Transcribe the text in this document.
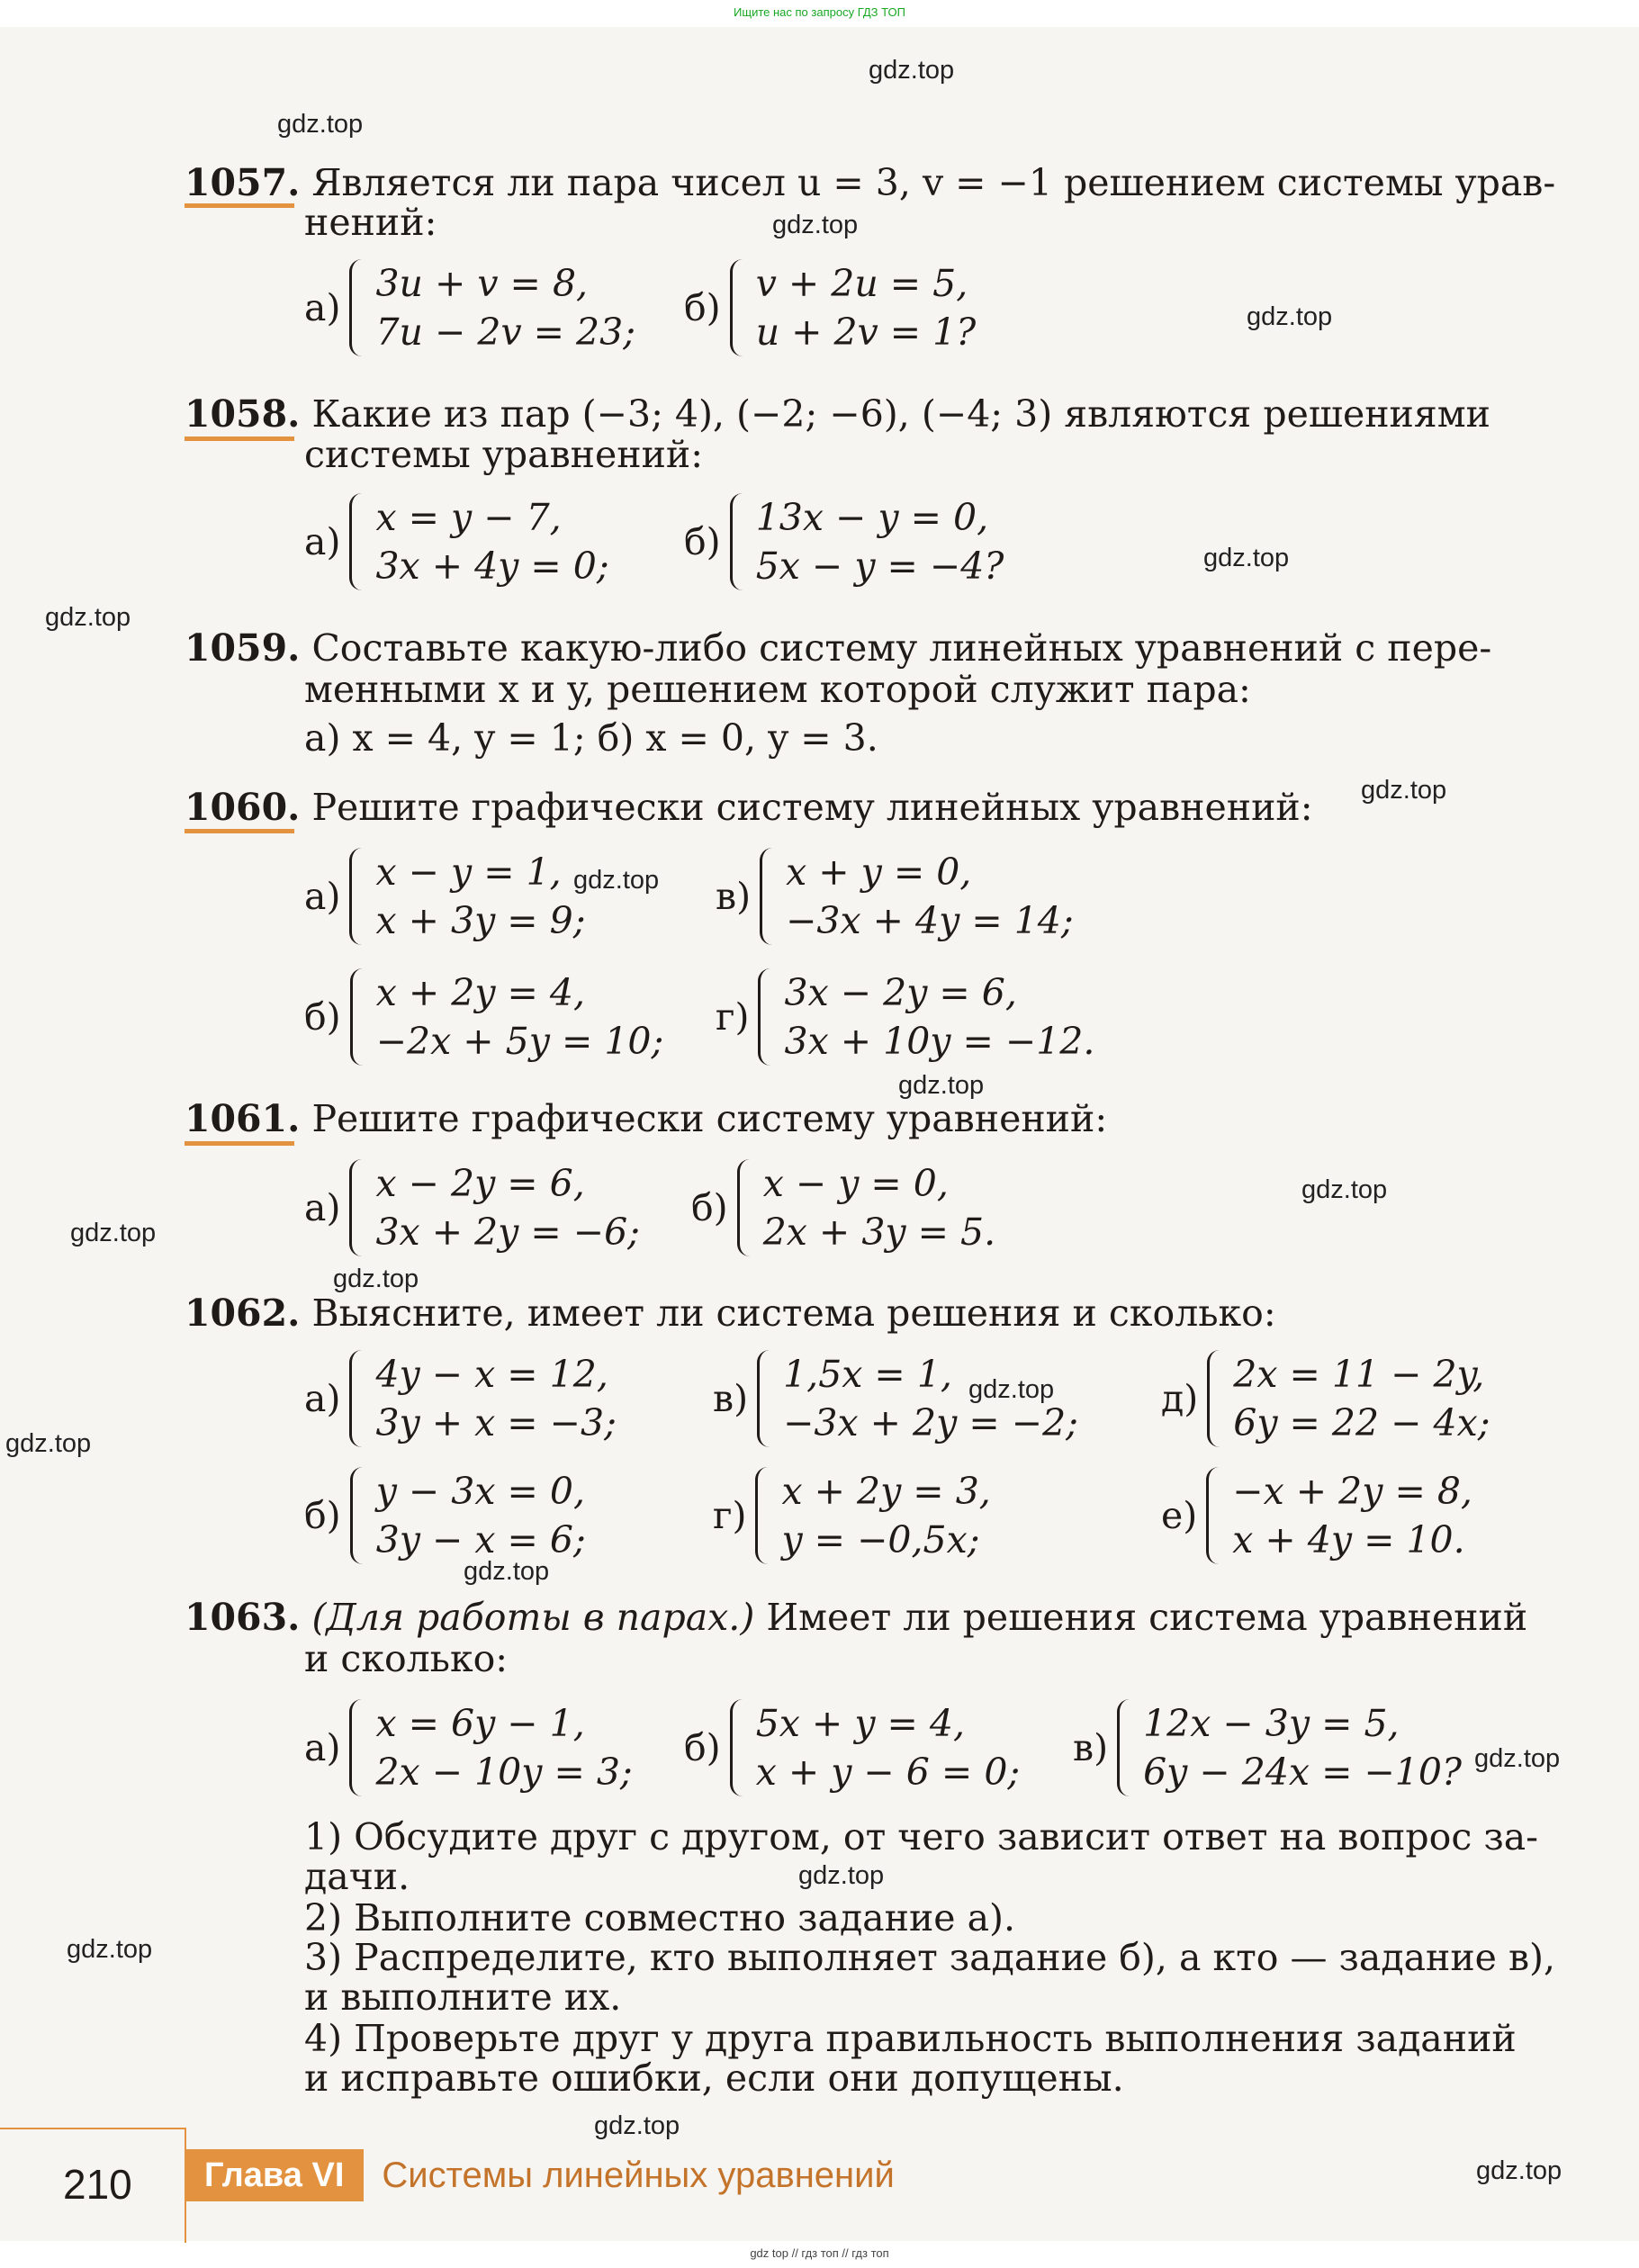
Ищите нас по запросу ГДЗ ТОП
gdz.top
gdz.top
gdz.top
gdz.top
gdz.top
gdz.top
gdz.top
gdz.top
gdz.top
gdz.top
gdz.top
gdz.top
gdz.top
gdz.top
gdz.top
gdz.top
gdz.top
gdz.top
gdz.top
gdz.top
1057. Является ли пара чисел u = 3, v = −1 решением системы урав-
нений:
а)
3u + v = 8,
7u − 2v = 23;
б)
v + 2u = 5,
u + 2v = 1?
1058. Какие из пар (−3; 4), (−2; −6), (−4; 3) являются решениями
системы уравнений:
а)
x = y − 7,
3x + 4y = 0;
б)
13x − y = 0,
5x − y = −4?
1059. Составьте какую-либо систему линейных уравнений с пере-
менными x и y, решением которой служит пара:
а) x = 4, y = 1; б) x = 0, y = 3.
1060. Решите графически систему линейных уравнений:
а)
x − y = 1,
x + 3y = 9;
в)
x + y = 0,
−3x + 4y = 14;
б)
x + 2y = 4,
−2x + 5y = 10;
г)
3x − 2y = 6,
3x + 10y = −12.
1061. Решите графически систему уравнений:
а)
x − 2y = 6,
3x + 2y = −6;
б)
x − y = 0,
2x + 3y = 5.
1062. Выясните, имеет ли система решения и сколько:
а)
4y − x = 12,
3y + x = −3;
в)
1,5x = 1,
−3x + 2y = −2;
д)
2x = 11 − 2y,
6y = 22 − 4x;
б)
y − 3x = 0,
3y − x = 6;
г)
x + 2y = 3,
y = −0,5x;
е)
−x + 2y = 8,
x + 4y = 10.
1063. (Для работы в парах.) Имеет ли решения система уравнений
и сколько:
а)
x = 6y − 1,
2x − 10y = 3;
б)
5x + y = 4,
x + y − 6 = 0;
в)
12x − 3y = 5,
6y − 24x = −10?
1) Обсудите друг с другом, от чего зависит ответ на вопрос за-
дачи.
2) Выполните совместно задание а).
3) Распределите, кто выполняет задание б), а кто — задание в),
и выполните их.
4) Проверьте друг у друга правильность выполнения заданий
и исправьте ошибки, если они допущены.
210	Глава VI	Системы линейных уравнений
gdz top // гдз топ // гдз топ
